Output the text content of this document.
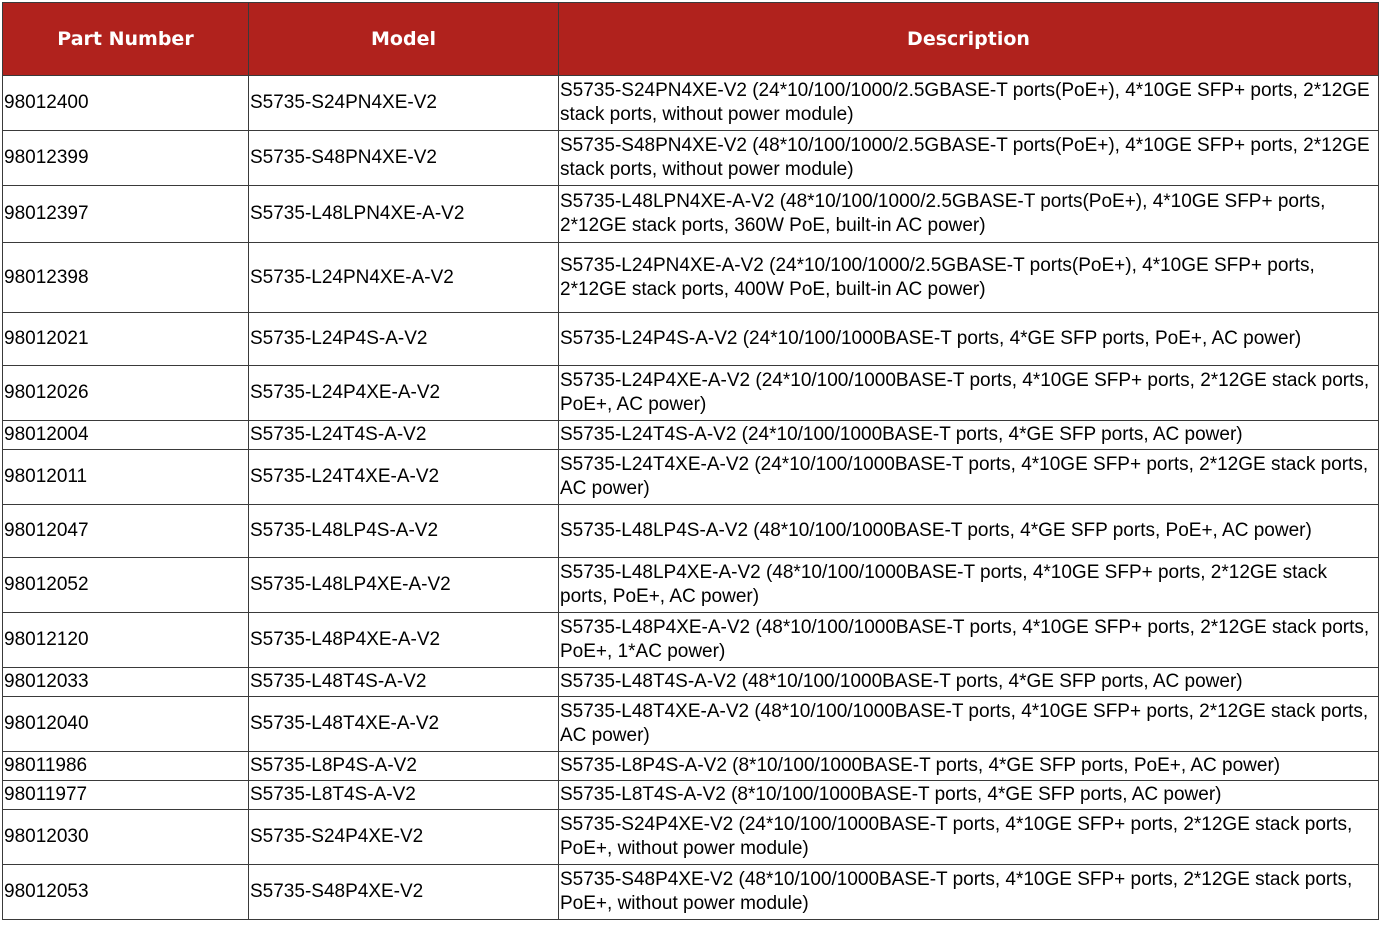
Part Number	Model	Description
98012400	S5735-S24PN4XE-V2	S5735-S24PN4XE-V2 (24*10/100/1000/2.5GBASE-T ports(PoE+), 4*10GE SFP+ ports, 2*12GE stack ports, without power module)
98012399	S5735-S48PN4XE-V2	S5735-S48PN4XE-V2 (48*10/100/1000/2.5GBASE-T ports(PoE+), 4*10GE SFP+ ports, 2*12GE stack ports, without power module)
98012397	S5735-L48LPN4XE-A-V2	S5735-L48LPN4XE-A-V2 (48*10/100/1000/2.5GBASE-T ports(PoE+), 4*10GE SFP+ ports, 2*12GE stack ports, 360W PoE, built-in AC power)
98012398	S5735-L24PN4XE-A-V2	S5735-L24PN4XE-A-V2 (24*10/100/1000/2.5GBASE-T ports(PoE+), 4*10GE SFP+ ports, 2*12GE stack ports, 400W PoE, built-in AC power)
98012021	S5735-L24P4S-A-V2	S5735-L24P4S-A-V2 (24*10/100/1000BASE-T ports, 4*GE SFP ports, PoE+, AC power)
98012026	S5735-L24P4XE-A-V2	S5735-L24P4XE-A-V2 (24*10/100/1000BASE-T ports, 4*10GE SFP+ ports, 2*12GE stack ports, PoE+, AC power)
98012004	S5735-L24T4S-A-V2	S5735-L24T4S-A-V2 (24*10/100/1000BASE-T ports, 4*GE SFP ports, AC power)
98012011	S5735-L24T4XE-A-V2	S5735-L24T4XE-A-V2 (24*10/100/1000BASE-T ports, 4*10GE SFP+ ports, 2*12GE stack ports, AC power)
98012047	S5735-L48LP4S-A-V2	S5735-L48LP4S-A-V2 (48*10/100/1000BASE-T ports, 4*GE SFP ports, PoE+, AC power)
98012052	S5735-L48LP4XE-A-V2	S5735-L48LP4XE-A-V2 (48*10/100/1000BASE-T ports, 4*10GE SFP+ ports, 2*12GE stack ports, PoE+, AC power)
98012120	S5735-L48P4XE-A-V2	S5735-L48P4XE-A-V2 (48*10/100/1000BASE-T ports, 4*10GE SFP+ ports, 2*12GE stack ports, PoE+, 1*AC power)
98012033	S5735-L48T4S-A-V2	S5735-L48T4S-A-V2 (48*10/100/1000BASE-T ports, 4*GE SFP ports, AC power)
98012040	S5735-L48T4XE-A-V2	S5735-L48T4XE-A-V2 (48*10/100/1000BASE-T ports, 4*10GE SFP+ ports, 2*12GE stack ports, AC power)
98011986	S5735-L8P4S-A-V2	S5735-L8P4S-A-V2 (8*10/100/1000BASE-T ports, 4*GE SFP ports, PoE+, AC power)
98011977	S5735-L8T4S-A-V2	S5735-L8T4S-A-V2 (8*10/100/1000BASE-T ports, 4*GE SFP ports, AC power)
98012030	S5735-S24P4XE-V2	S5735-S24P4XE-V2 (24*10/100/1000BASE-T ports, 4*10GE SFP+ ports, 2*12GE stack ports, PoE+, without power module)
98012053	S5735-S48P4XE-V2	S5735-S48P4XE-V2 (48*10/100/1000BASE-T ports, 4*10GE SFP+ ports, 2*12GE stack ports, PoE+, without power module)
